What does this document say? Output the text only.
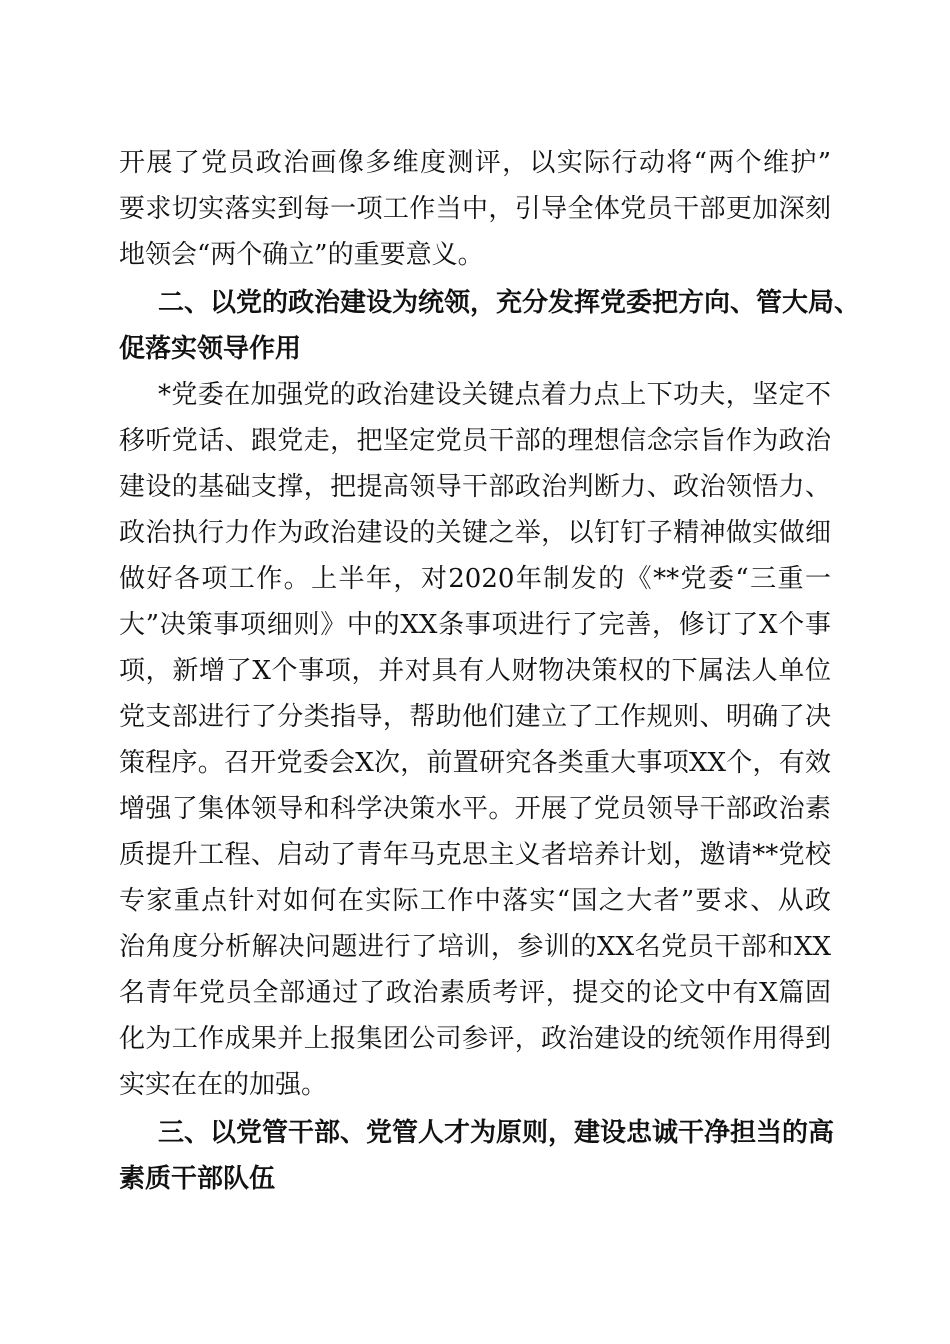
开展了党员政治画像多维度测评，以实际行动将“两个维护”
要求切实落实到每一项工作当中，引导全体党员干部更加深刻
地领会“两个确立”的重要意义。
二、以党的政治建设为统领，充分发挥党委把方向、管大局、
促落实领导作用
*党委在加强党的政治建设关键点着力点上下功夫，坚定不
移听党话、跟党走，把坚定党员干部的理想信念宗旨作为政治
建设的基础支撑，把提高领导干部政治判断力、政治领悟力、
政治执行力作为政治建设的关键之举，以钉钉子精神做实做细
做好各项工作。上半年，对2020年制发的《**党委“三重一
大”决策事项细则》中的XX条事项进行了完善，修订了X个事
项，新增了X个事项，并对具有人财物决策权的下属法人单位
党支部进行了分类指导，帮助他们建立了工作规则、明确了决
策程序。召开党委会X次，前置研究各类重大事项XX个，有效
增强了集体领导和科学决策水平。开展了党员领导干部政治素
质提升工程、启动了青年马克思主义者培养计划，邀请**党校
专家重点针对如何在实际工作中落实“国之大者”要求、从政
治角度分析解决问题进行了培训，参训的XX名党员干部和XX
名青年党员全部通过了政治素质考评，提交的论文中有X篇固
化为工作成果并上报集团公司参评，政治建设的统领作用得到
实实在在的加强。
三、以党管干部、党管人才为原则，建设忠诚干净担当的高
素质干部队伍
